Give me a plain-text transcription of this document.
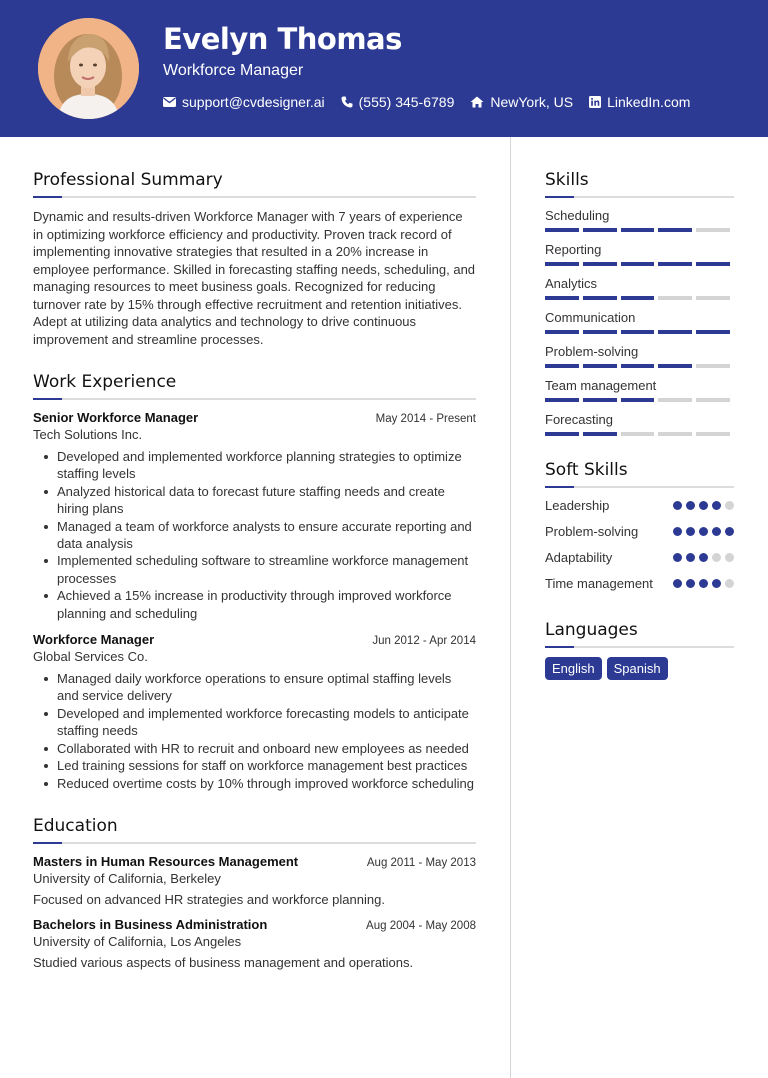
Evelyn Thomas
Workforce Manager
support@cvdesigner.ai (555) 345-6789	NewYork, US LinkedIn.com
Professional Summary

Dynamic and results-driven Workforce Manager with 7 years of experience in optimizing workforce efficiency and productivity. Proven track record of implementing innovative strategies that resulted in a 20% increase in employee performance. Skilled in forecasting staffing needs, scheduling, and managing resources to meet business goals. Recognized for reducing turnover rate by 15% through effective recruitment and retention initiatives. Adept at utilizing data analytics and technology to drive continuous improvement and streamline processes.

Work Experience
Senior Workforce Manager	May 2014 - Present
Tech Solutions Inc.
Developed and implemented workforce planning strategies to optimize staffing levels
Analyzed historical data to forecast future staffing needs and create hiring plans
Managed a team of workforce analysts to ensure accurate reporting and data analysis
Implemented scheduling software to streamline workforce management processes
Achieved a 15% increase in productivity through improved workforce planning and scheduling
Workforce Manager	Jun 2012 - Apr 2014
Global Services Co.
Managed daily workforce operations to ensure optimal staffing levels and service delivery
Developed and implemented workforce forecasting models to anticipate staffing needs
Collaborated with HR to recruit and onboard new employees as needed
Led training sessions for staff on workforce management best practices
Reduced overtime costs by 10% through improved workforce scheduling
Education
Masters in Human Resources Management	Aug 2011 - May 2013
University of California, Berkeley
Focused on advanced HR strategies and workforce planning.
Bachelors in Business Administration	Aug 2004 - May 2008
University of California, Los Angeles
Studied various aspects of business management and operations.
Skills
Scheduling
Reporting
Analytics
Communication
Problem-solving
Team management
Forecasting
Soft Skills
Leadership
Problem-solving
Adaptability
Time management
Languages
English	Spanish
